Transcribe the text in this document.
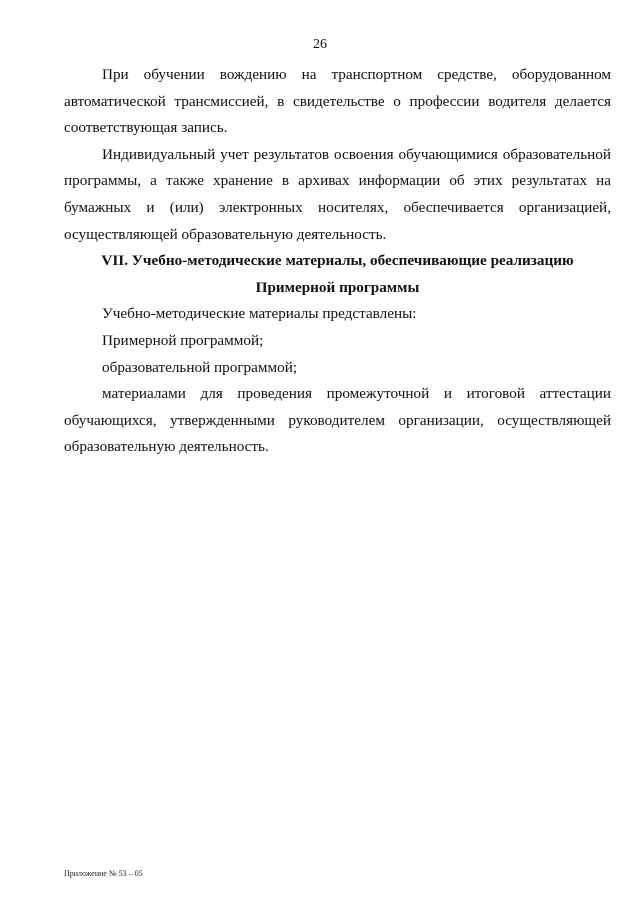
26

При обучении вождению на транспортном средстве, оборудованном автоматической трансмиссией, в свидетельстве о профессии водителя делается соответствующая запись.

Индивидуальный учет результатов освоения обучающимися образовательной программы, а также хранение в архивах информации об этих результатах на бумажных и (или) электронных носителях, обеспечивается организацией, осуществляющей образовательную деятельность.

VII. Учебно-методические материалы, обеспечивающие реализацию

Примерной программы

Учебно-методические материалы представлены:

Примерной программой;

образовательной программой;

материалами для проведения промежуточной и итоговой аттестации обучающихся, утвержденными руководителем организации, осуществляющей образовательную деятельность.

Приложение № 53 – 05
